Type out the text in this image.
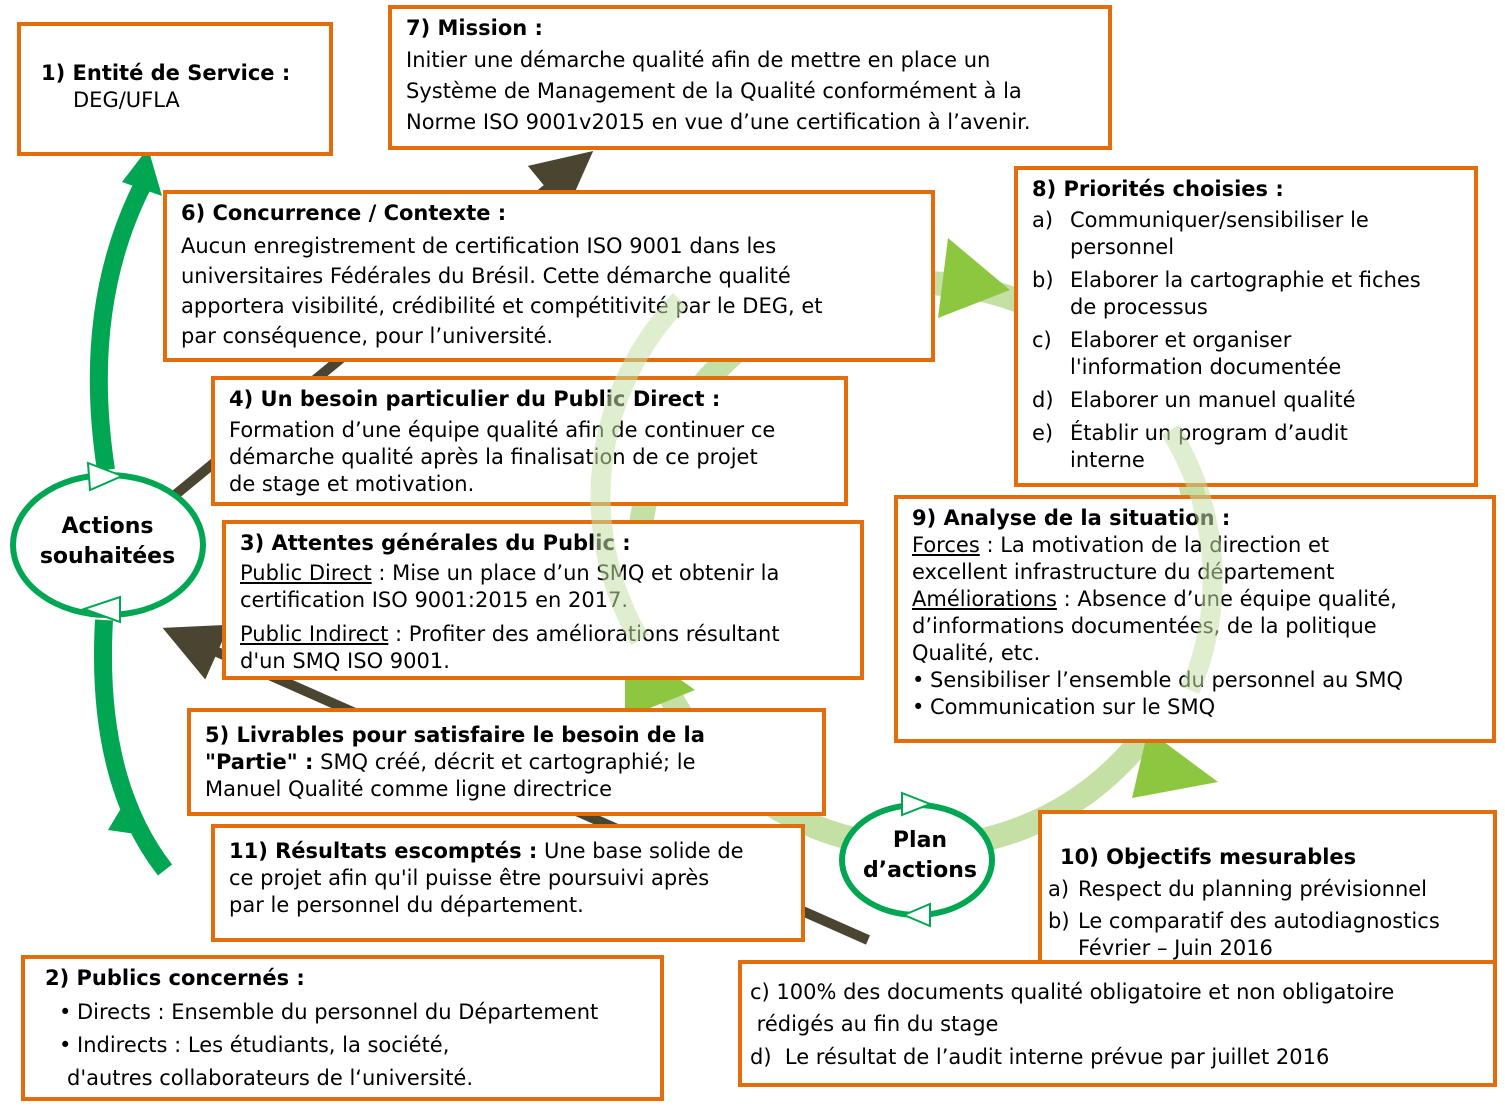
Actions
souhaitées
Plan
d’actions

1) Entité de Service :

DEG/UFLA

7) Mission :

Initier une démarche qualité afin de mettre en place un

Système de Management de la Qualité conformément à la

Norme ISO 9001v2015 en vue d’une certification à l’avenir.

6) Concurrence / Contexte :

Aucun enregistrement de certification ISO 9001 dans les

universitaires Fédérales du Brésil. Cette démarche qualité

apportera visibilité, crédibilité et compétitivité par le DEG, et

par conséquence, pour l’université.

8) Priorités choisies :

a) Communiquer/sensibiliser le
personnel
b) Elaborer la cartographie et fiches
de processus
c) Elaborer et organiser
l'information documentée
d) Elaborer un manuel qualité
e) Établir un program d’audit
interne

4) Un besoin particulier du Public Direct :

Formation d’une équipe qualité afin de continuer ce

démarche qualité après la finalisation de ce projet

de stage et motivation.

3) Attentes générales du Public :

Public Direct : Mise un place d’un SMQ et obtenir la

certification ISO 9001:2015 en 2017.

Public Indirect : Profiter des améliorations résultant

d'un SMQ ISO 9001.

9) Analyse de la situation :

Forces : La motivation de la direction et

excellent infrastructure du département

Améliorations : Absence d’une équipe qualité,

d’informations documentées, de la politique

Qualité, etc.

• Sensibiliser l’ensemble du personnel au SMQ
• Communication sur le SMQ

5) Livrables pour satisfaire le besoin de la

"Partie" : SMQ créé, décrit et cartographié; le

Manuel Qualité comme ligne directrice

11) Résultats escomptés : Une base solide de

ce projet afin qu'il puisse être poursuivi après

par le personnel du département.

10) Objectifs mesurables

a) Respect du planning prévisionnel
b) Le comparatif des autodiagnostics
Février – Juin 2016

c) 100% des documents qualité obligatoire et non obligatoire

rédigés au fin du stage

d)  Le résultat de l’audit interne prévue par juillet 2016

2) Publics concernés :

• Directs : Ensemble du personnel du Département
• Indirects : Les étudiants, la société,

d'autres collaborateurs de l‘université.
